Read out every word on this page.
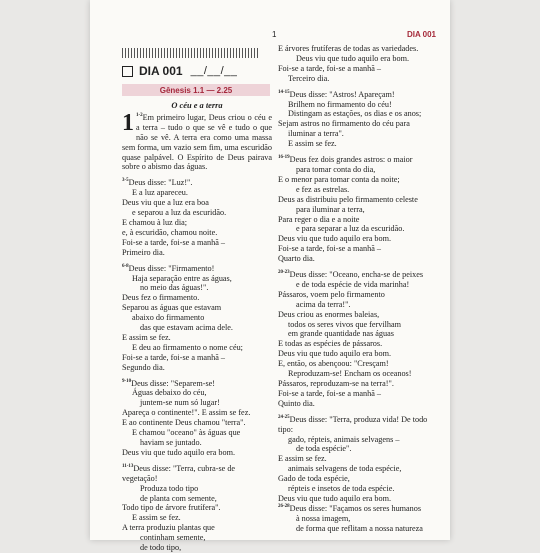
1	DIA 001
DIA 001 __/__/__
Gênesis 1.1 — 2.25
O céu e a terra

1 $^{1-2}$Em primeiro lugar, Deus criou o céu e a terra – tudo o que se vê e tudo o que não se vê. A terra era como uma massa sem forma, um vazio sem fim, uma escuridão quase palpável. O Espírito de Deus pairava sobre o abismo das águas.

$^{3-5}$Deus disse: "Luz!".

E a luz apareceu.

Deus viu que a luz era boa

e separou a luz da escuridão.

E chamou à luz dia;

e, à escuridão, chamou noite.

Foi-se a tarde, foi-se a manhã –

Primeiro dia.

$^{6-8}$Deus disse: "Firmamento!

Haja separação entre as águas,

no meio das águas!".

Deus fez o firmamento.

Separou as águas que estavam

abaixo do firmamento

das que estavam acima dele.

E assim se fez.

E deu ao firmamento o nome céu;

Foi-se a tarde, foi-se a manhã –

Segundo dia.

$^{9-10}$Deus disse: "Separem-se!

Águas debaixo do céu,

juntem-se num só lugar!

Apareça o continente!". E assim se fez.

E ao continente Deus chamou "terra".

E chamou "oceano" às águas que

haviam se juntado.

Deus viu que tudo aquilo era bom.

$^{11-13}$Deus disse: "Terra, cubra-se de vegetação!

Produza todo tipo

de planta com semente,

Todo tipo de árvore frutífera".

E assim se fez.

A terra produziu plantas que

continham semente,

de todo tipo,

E árvores frutíferas de todas as variedades.

Deus viu que tudo aquilo era bom.

Foi-se a tarde, foi-se a manhã –

Terceiro dia.

$^{14-15}$Deus disse: "Astros! Apareçam!

Brilhem no firmamento do céu!

Distingam as estações, os dias e os anos;

Sejam astros no firmamento do céu para

iluminar a terra".

E assim se fez.

$^{16-19}$Deus fez dois grandes astros: o maior

para tomar conta do dia,

E o menor para tomar conta da noite;

e fez as estrelas.

Deus as distribuiu pelo firmamento celeste

para iluminar a terra,

Para reger o dia e a noite

e para separar a luz da escuridão.

Deus viu que tudo aquilo era bom.

Foi-se a tarde, foi-se a manhã –

Quarto dia.

$^{20-23}$Deus disse: "Oceano, encha-se de peixes

e de toda espécie de vida marinha!

Pássaros, voem pelo firmamento

acima da terra!".

Deus criou as enormes baleias,

todos os seres vivos que fervilham

em grande quantidade nas águas

E todas as espécies de pássaros.

Deus viu que tudo aquilo era bom.

E, então, os abençoou: "Cresçam!

Reproduzam-se! Encham os oceanos!

Pássaros, reproduzam-se na terra!".

Foi-se a tarde, foi-se a manhã –

Quinto dia.

$^{24-25}$Deus disse: "Terra, produza vida! De todo tipo:

gado, répteis, animais selvagens –

de toda espécie".

E assim se fez.

animais selvagens de toda espécie,

Gado de toda espécie,

répteis e insetos de toda espécie.

Deus viu que tudo aquilo era bom.

$^{26-28}$Deus disse: "Façamos os seres humanos

à nossa imagem,

de forma que reflitam a nossa natureza
